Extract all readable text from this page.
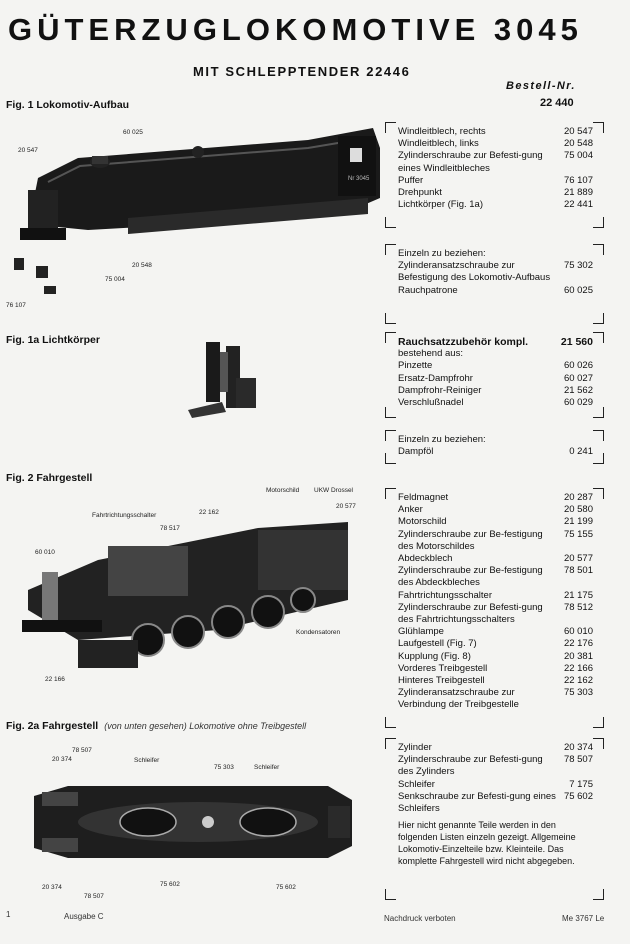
GÜTERZUGLOKOMOTIVE 3045
MIT SCHLEPPTENDER 22446
Bestell-Nr.
Fig. 1 Lokomotiv-Aufbau	22 440
Nr 3045
20 547
60 025
20 548
75 004
76 107
Windleitblech, rechts	20 547
Windleitblech, links	20 548
Zylinderschraube zur Befesti-gung eines Windleitbleches
75 004
Puffer	76 107
Drehpunkt	21 889
Lichtkörper (Fig. 1a)	22 441
Einzeln zu beziehen:
Zylinderansatzschraube zur Befestigung des Lokomotiv-Aufbaus
75 302
Rauchpatrone	60 025
Fig. 1a Lichtkörper	Rauchsatzzubehör kompl.	21 560
bestehend aus:
Pinzette	60 026
Ersatz-Dampfrohr	60 027
Dampfrohr-Reiniger	21 562
Verschlußnadel	60 029
Einzeln zu beziehen:
Dampföl	0 241
Fig. 2 Fahrgestell
Fahrtrichtungsschalter
78 517
22 162
Motorschild UKW Drossel
20 577
60 010
Kondensatoren
22 166
Feldmagnet	20 287
Anker	20 580
Motorschild	21 199
Zylinderschraube zur Be-festigung des Motorschildes
75 155
Abdeckblech	20 577
Zylinderschraube zur Be-festigung des Abdeckbleches
78 501
Fahrtrichtungsschalter	21 175
Zylinderschraube zur Befesti-gung des Fahrtrichtungsschalters
78 512
Glühlampe	60 010
Laufgestell (Fig. 7)	22 176
Kupplung (Fig. 8)	20 381
Vorderes Treibgestell	22 166
Hinteres Treibgestell	22 162
Zylinderansatzschraube zur Verbindung der Treibgestelle
75 303
Fig. 2a Fahrgestell (von unten gesehen) Lokomotive ohne Treibgestell
78 507
20 374	Schleifer
75 303	Schleifer
20 374
78 507
75 602	75 602
Zylinder	20 374
Zylinderschraube zur Befesti-gung des Zylinders
78 507
Schleifer	7 175
Senkschraube zur Befesti-gung eines Schleifers
75 602
Hier nicht genannte Teile werden in den folgenden Listen einzeln gezeigt. Allgemeine Lokomotiv-Einzelteile bzw. Kleinteile. Das komplette Fahrgestell wird nicht abgegeben.
1	Ausgabe C	Nachdruck verboten	Me 3767 Le
